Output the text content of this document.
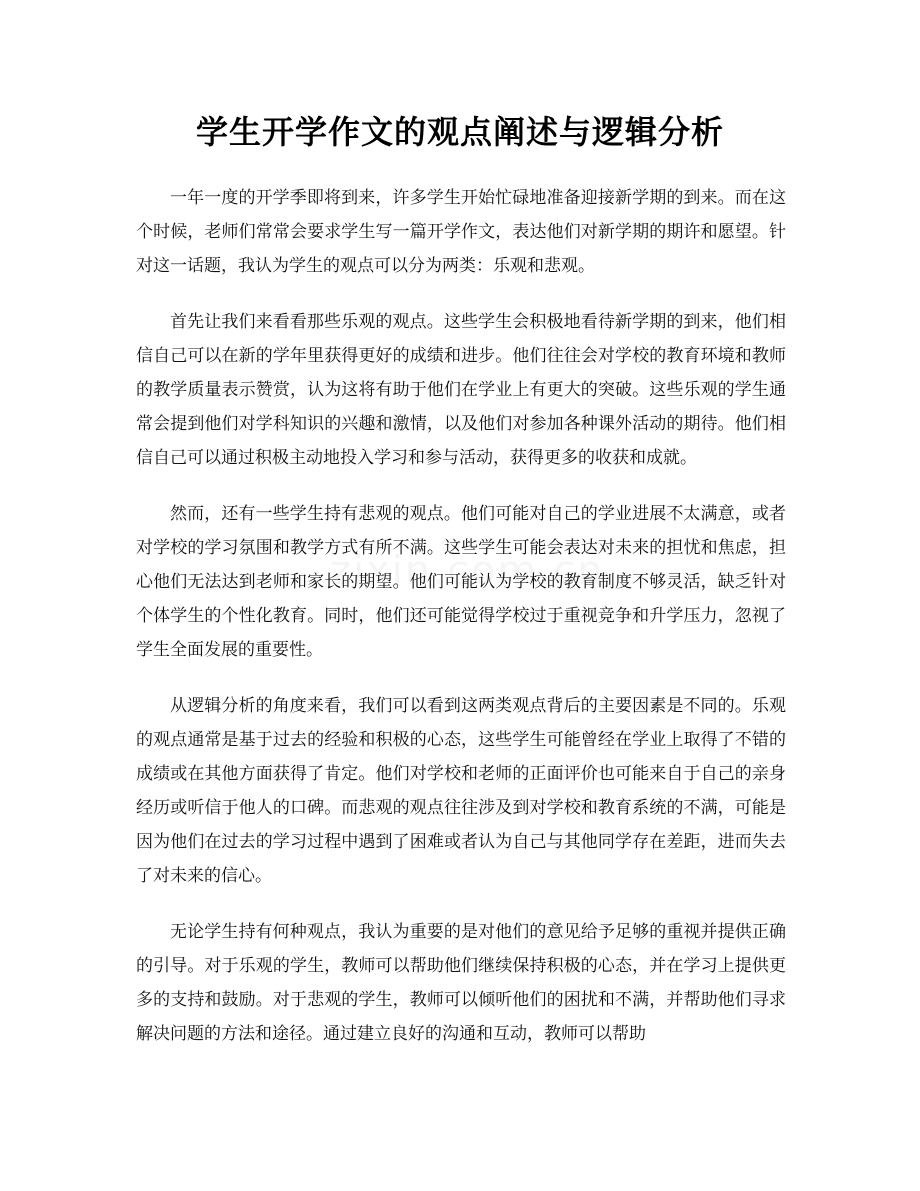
学生开学作文的观点阐述与逻辑分析

一年一度的开学季即将到来，许多学生开始忙碌地准备迎接新学期的到来。而在这个时候，老师们常常会要求学生写一篇开学作文，表达他们对新学期的期许和愿望。针对这一话题，我认为学生的观点可以分为两类：乐观和悲观。

首先让我们来看看那些乐观的观点。这些学生会积极地看待新学期的到来，他们相信自己可以在新的学年里获得更好的成绩和进步。他们往往会对学校的教育环境和教师的教学质量表示赞赏，认为这将有助于他们在学业上有更大的突破。这些乐观的学生通常会提到他们对学科知识的兴趣和激情，以及他们对参加各种课外活动的期待。他们相信自己可以通过积极主动地投入学习和参与活动，获得更多的收获和成就。

然而，还有一些学生持有悲观的观点。他们可能对自己的学业进展不太满意，或者对学校的学习氛围和教学方式有所不满。这些学生可能会表达对未来的担忧和焦虑，担心他们无法达到老师和家长的期望。他们可能认为学校的教育制度不够灵活，缺乏针对个体学生的个性化教育。同时，他们还可能觉得学校过于重视竞争和升学压力，忽视了学生全面发展的重要性。

从逻辑分析的角度来看，我们可以看到这两类观点背后的主要因素是不同的。乐观的观点通常是基于过去的经验和积极的心态，这些学生可能曾经在学业上取得了不错的成绩或在其他方面获得了肯定。他们对学校和老师的正面评价也可能来自于自己的亲身经历或听信于他人的口碑。而悲观的观点往往涉及到对学校和教育系统的不满，可能是因为他们在过去的学习过程中遇到了困难或者认为自己与其他同学存在差距，进而失去了对未来的信心。

无论学生持有何种观点，我认为重要的是对他们的意见给予足够的重视并提供正确的引导。对于乐观的学生，教师可以帮助他们继续保持积极的心态，并在学习上提供更多的支持和鼓励。对于悲观的学生，教师可以倾听他们的困扰和不满，并帮助他们寻求解决问题的方法和途径。通过建立良好的沟通和互动，教师可以帮助
